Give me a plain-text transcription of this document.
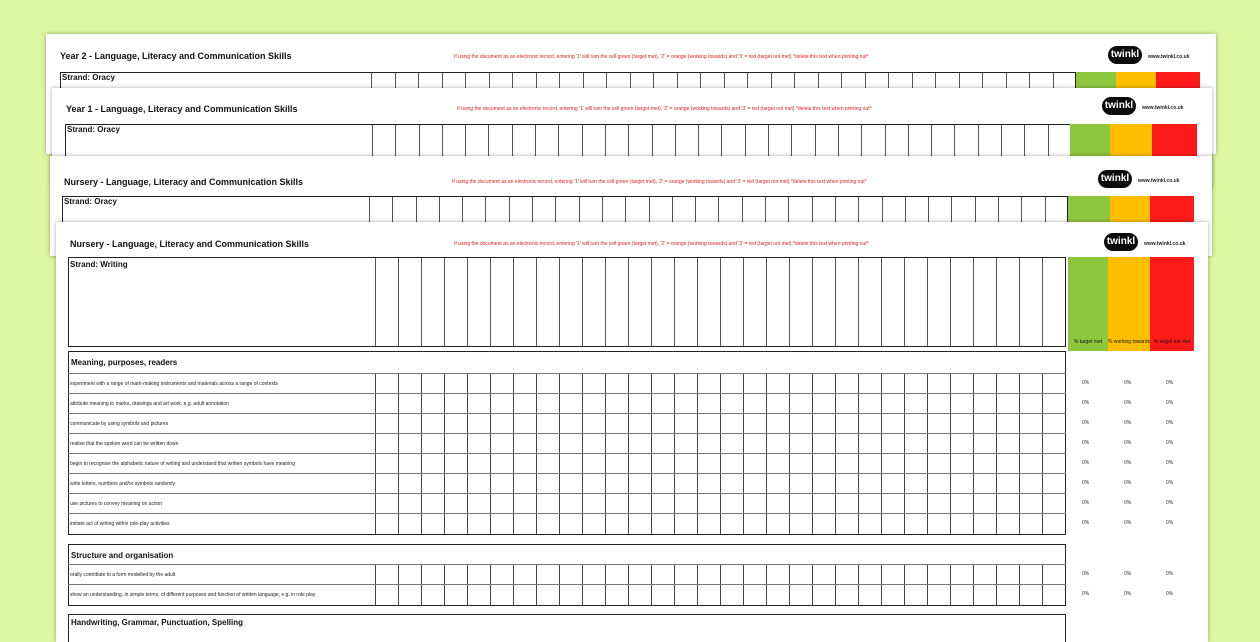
Year 2 - Language, Literacy and Communication Skills	If using the document as an electronic record, entering '1' will turn the cell green (target met), '2' = orange (working towards) and '3' = red (target not met) *delete this text when printing out*	twinkl	www.twinkl.co.uk
Strand: Oracy
Year 1 - Language, Literacy and Communication Skills	If using the document as an electronic record, entering '1' will turn the cell green (target met), '2' = orange (working towards) and '3' = red (target not met) *delete this text when printing out*	twinkl	www.twinkl.co.uk
Strand: Oracy
Nursery - Language, Literacy and Communication Skills	If using the document as an electronic record, entering '1' will turn the cell green (target met), '2' = orange (working towards) and '3' = red (target not met) *delete this text when printing out*	twinkl	www.twinkl.co.uk
Strand: Oracy
Nursery - Language, Literacy and Communication Skills	If using the document as an electronic record, entering '1' will turn the cell green (target met), '2' = orange (working towards) and '3' = red (target not met) *delete this text when printing out*	twinkl	www.twinkl.co.uk
Strand: Writing
% target met	% working towards % target not met
Meaning, purposes, readers
Structure and organisation
Handwriting, Grammar, Punctuation, Spelling
experiment with a range of mark-making instruments and materials across a range of contexts	0%	0%	0%
attribute meaning to marks, drawings and art work, e.g. adult annotation	0%	0%	0%
communicate by using symbols and pictures	0%	0%	0%
realise that the spoken word can be written down	0%	0%	0%
begin to recognise the alphabetic nature of writing and understand that written symbols have meaning	0%	0%	0%
write letters, numbers and/or symbols randomly	0%	0%	0%
use pictures to convey meaning on action	0%	0%	0%
imitate act of writing within role-play activities	0%	0%	0%
orally contribute to a form modelled by the adult	0%	0%	0%
show an understanding, in simple terms, of different purposes and function of written language, e.g. in role play	0%	0%	0%
